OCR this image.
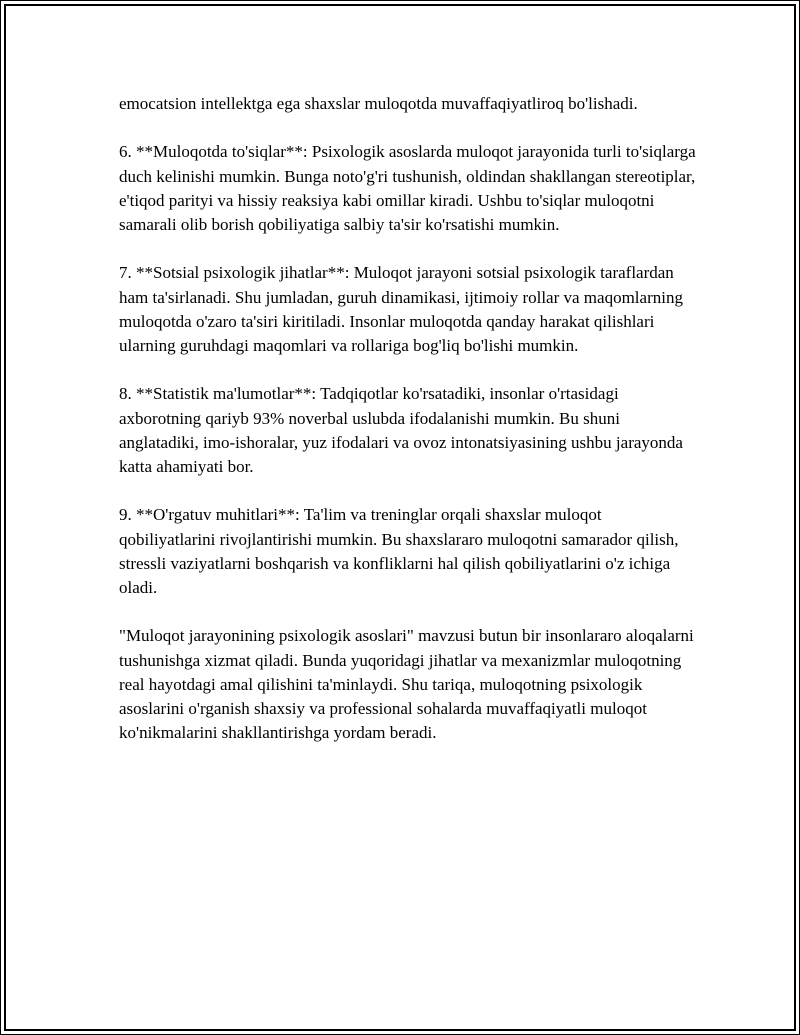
emocatsion intellektga ega shaxslar muloqotda muvaffaqiyatliroq bo'lishadi.

6. **Muloqotda to'siqlar**: Psixologik asoslarda muloqot jarayonida turli to'siqlarga duch kelinishi mumkin. Bunga noto'g'ri tushunish, oldindan shakllangan stereotiplar, e'tiqod parityi va hissiy reaksiya kabi omillar kiradi. Ushbu to'siqlar muloqotni samarali olib borish qobiliyatiga salbiy ta'sir ko'rsatishi mumkin.

7. **Sotsial psixologik jihatlar**: Muloqot jarayoni sotsial psixologik taraflardan ham ta'sirlanadi. Shu jumladan, guruh dinamikasi, ijtimoiy rollar va maqomlarning muloqotda o'zaro ta'siri kiritiladi. Insonlar muloqotda qanday harakat qilishlari ularning guruhdagi maqomlari va rollariga bog'liq bo'lishi mumkin.

8. **Statistik ma'lumotlar**: Tadqiqotlar ko'rsatadiki, insonlar o'rtasidagi axborotning qariyb 93% noverbal uslubda ifodalanishi mumkin. Bu shuni anglatadiki, imo-ishoralar, yuz ifodalari va ovoz intonatsiyasining ushbu jarayonda katta ahamiyati bor.

9. **O'rgatuv muhitlari**: Ta'lim va treninglar orqali shaxslar muloqot qobiliyatlarini rivojlantirishi mumkin. Bu shaxslararo muloqotni samarador qilish, stressli vaziyatlarni boshqarish va konfliklarni hal qilish qobiliyatlarini o'z ichiga oladi.

"Muloqot jarayonining psixologik asoslari" mavzusi butun bir insonlararo aloqalarni tushunishga xizmat qiladi. Bunda yuqoridagi jihatlar va mexanizmlar muloqotning real hayotdagi amal qilishini ta'minlaydi. Shu tariqa, muloqotning psixologik asoslarini o'rganish shaxsiy va professional sohalarda muvaffaqiyatli muloqot ko'nikmalarini shakllantirishga yordam beradi.
